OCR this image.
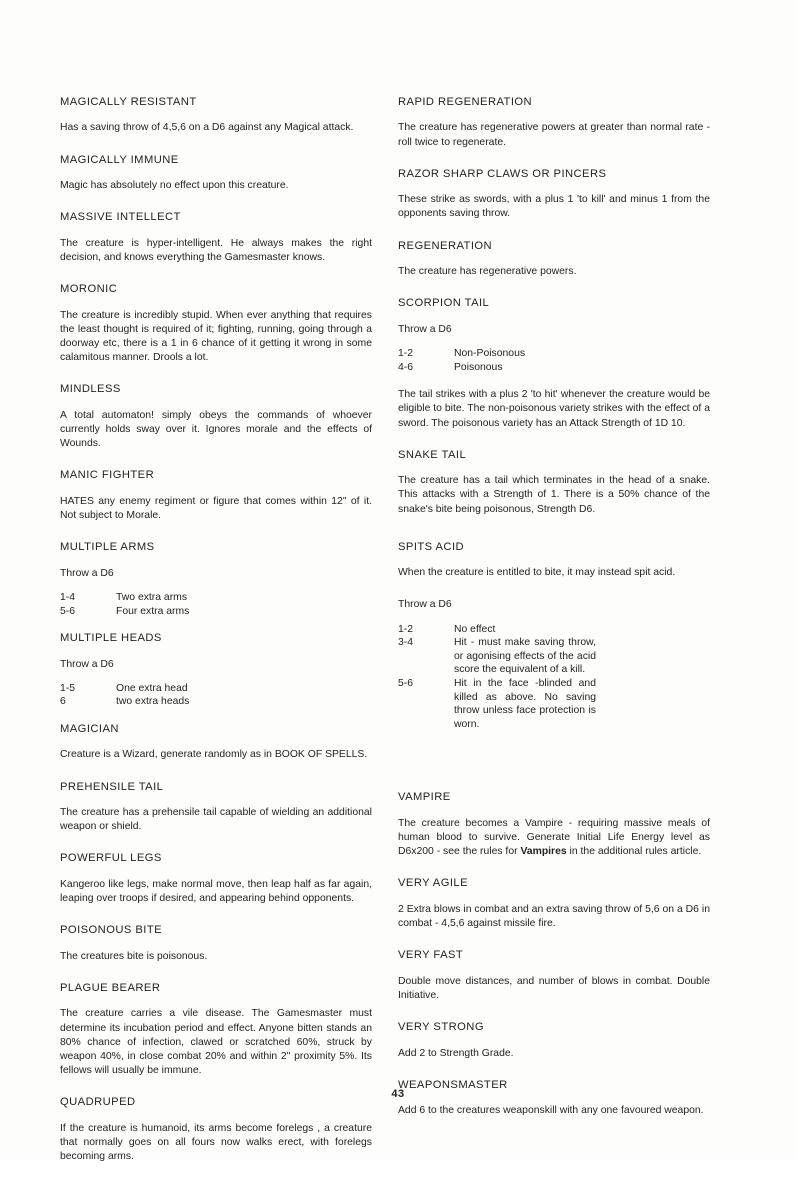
MAGICALLY RESISTANT

Has a saving throw of 4,5,6 on a D6 against any Magical attack.

MAGICALLY IMMUNE

Magic has absolutely no effect upon this creature.

MASSIVE INTELLECT

The creature is hyper-intelligent. He always makes the right decision, and knows everything the Gamesmaster knows.

MORONIC

The creature is incredibly stupid. When ever anything that requires the least thought is required of it; fighting, running, going through a doorway etc, there is a 1 in 6 chance of it getting it wrong in some calamitous manner. Drools a lot.

MINDLESS

A total automaton! simply obeys the commands of whoever currently holds sway over it. Ignores morale and the effects of Wounds.

MANIC FIGHTER

HATES any enemy regiment or figure that comes within 12" of it. Not subject to Morale.

MULTIPLE ARMS
Throw a D6
1-4	Two extra arms
5-6	Four extra arms
MULTIPLE HEADS
Throw a D6
1-5	One extra head
6	two extra heads
MAGICIAN

Creature is a Wizard, generate randomly as in BOOK OF SPELLS.

PREHENSILE TAIL

The creature has a prehensile tail capable of wielding an additional weapon or shield.

POWERFUL LEGS

Kangeroo like legs, make normal move, then leap half as far again, leaping over troops if desired, and appearing behind opponents.

POISONOUS BITE

The creatures bite is poisonous.

PLAGUE BEARER

The creature carries a vile disease. The Gamesmaster must determine its incubation period and effect. Anyone bitten stands an 80% chance of infection, clawed or scratched 60%, struck by weapon 40%, in close combat 20% and within 2" proximity 5%. Its fellows will usually be immune.

QUADRUPED

If the creature is humanoid, its arms become forelegs , a creature that normally goes on all fours now walks erect, with forelegs becoming arms.

RAPID REGENERATION

The creature has regenerative powers at greater than normal rate - roll twice to regenerate.

RAZOR SHARP CLAWS OR PINCERS

These strike as swords, with a plus 1 'to kill' and minus 1 from the opponents saving throw.

REGENERATION

The creature has regenerative powers.

SCORPION TAIL
Throw a D6
1-2	Non-Poisonous
4-6	Poisonous

The tail strikes with a plus 2 'to hit' whenever the creature would be eligible to bite. The non-poisonous variety strikes with the effect of a sword. The poisonous variety has an Attack Strength of 1D 10.

SNAKE TAIL

The creature has a tail which terminates in the head of a snake. This attacks with a Strength of 1. There is a 50% chance of the snake's bite being poisonous, Strength D6.

SPITS ACID

When the creature is entitled to bite, it may instead spit acid.

Throw a D6
1-2	No effect
3-4	Hit - must make saving throw, or agonising effects of the acid score the equivalent of a kill.
5-6	Hit in the face -blinded and killed as above. No saving throw unless face protection is worn.
VAMPIRE

The creature becomes a Vampire - requiring massive meals of human blood to survive. Generate Initial Life Energy level as D6x200 - see the rules for Vampires in the additional rules article.

VERY AGILE

2 Extra blows in combat and an extra saving throw of 5,6 on a D6 in combat - 4,5,6 against missile fire.

VERY FAST

Double move distances, and number of blows in combat. Double Initiative.

VERY STRONG

Add 2 to Strength Grade.

WEAPONSMASTER

Add 6 to the creatures weaponskill with any one favoured weapon.

43
